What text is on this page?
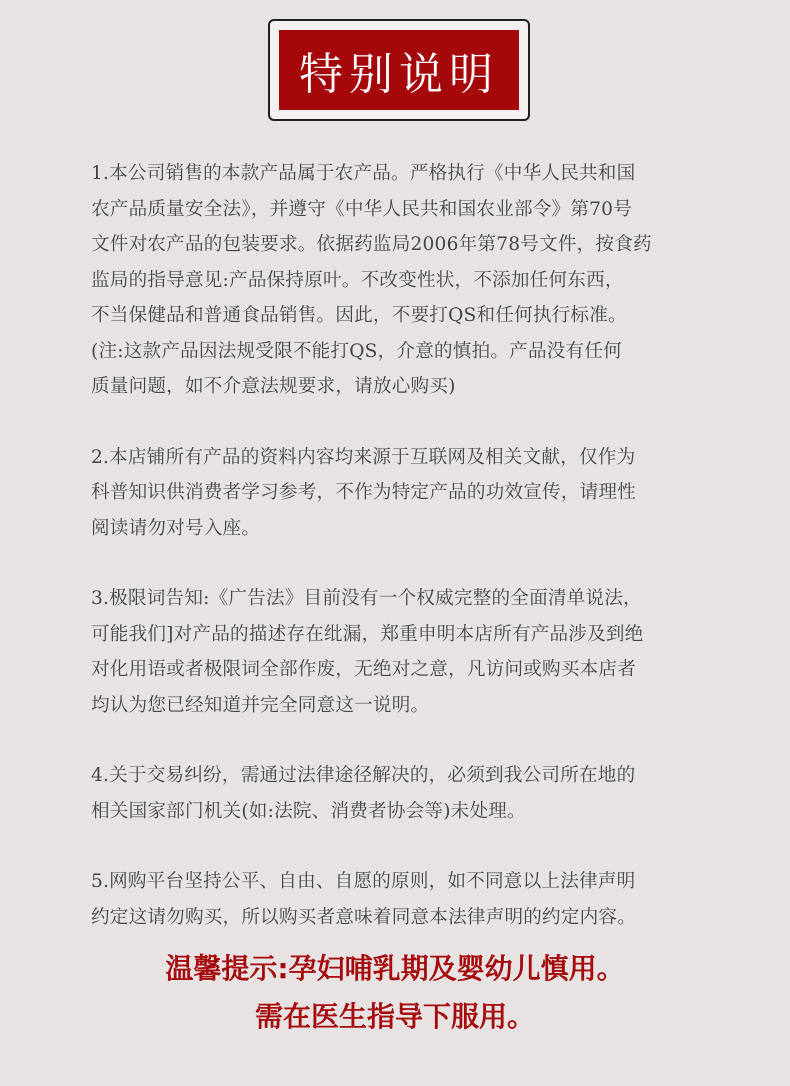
特别说明
1.本公司销售的本款产品属于农产品。严格执行《中华人民共和国
农产品质量安全法》，并遵守《中华人民共和国农业部令》第70号
文件对农产品的包装要求。依据药监局2006年第78号文件，按食药
监局的指导意见:产品保持原叶。不改变性状，不添加任何东西，
不当保健品和普通食品销售。因此，不要打QS和任何执行标准。
(注:这款产品因法规受限不能打QS，介意的慎拍。产品没有任何
质量问题，如不介意法规要求，请放心购买)
2.本店铺所有产品的资料内容均来源于互联网及相关文献，仅作为
科普知识供消费者学习参考，不作为特定产品的功效宣传，请理性
阅读请勿对号入座。
3.极限词告知:《广告法》目前没有一个权威完整的全面清单说法，
可能我们]对产品的描述存在纰漏，郑重申明本店所有产品涉及到绝
对化用语或者极限词全部作废，无绝对之意，凡访问或购买本店者
均认为您已经知道并完全同意这一说明。
4.关于交易纠纷，需通过法律途径解决的，必须到我公司所在地的
相关国家部门机关(如:法院、消费者协会等)未处理。
5.网购平台坚持公平、自由、自愿的原则，如不同意以上法律声明
约定这请勿购买，所以购买者意味着同意本法律声明的约定内容。
温馨提示:孕妇哺乳期及婴幼儿慎用。
需在医生指导下服用。
